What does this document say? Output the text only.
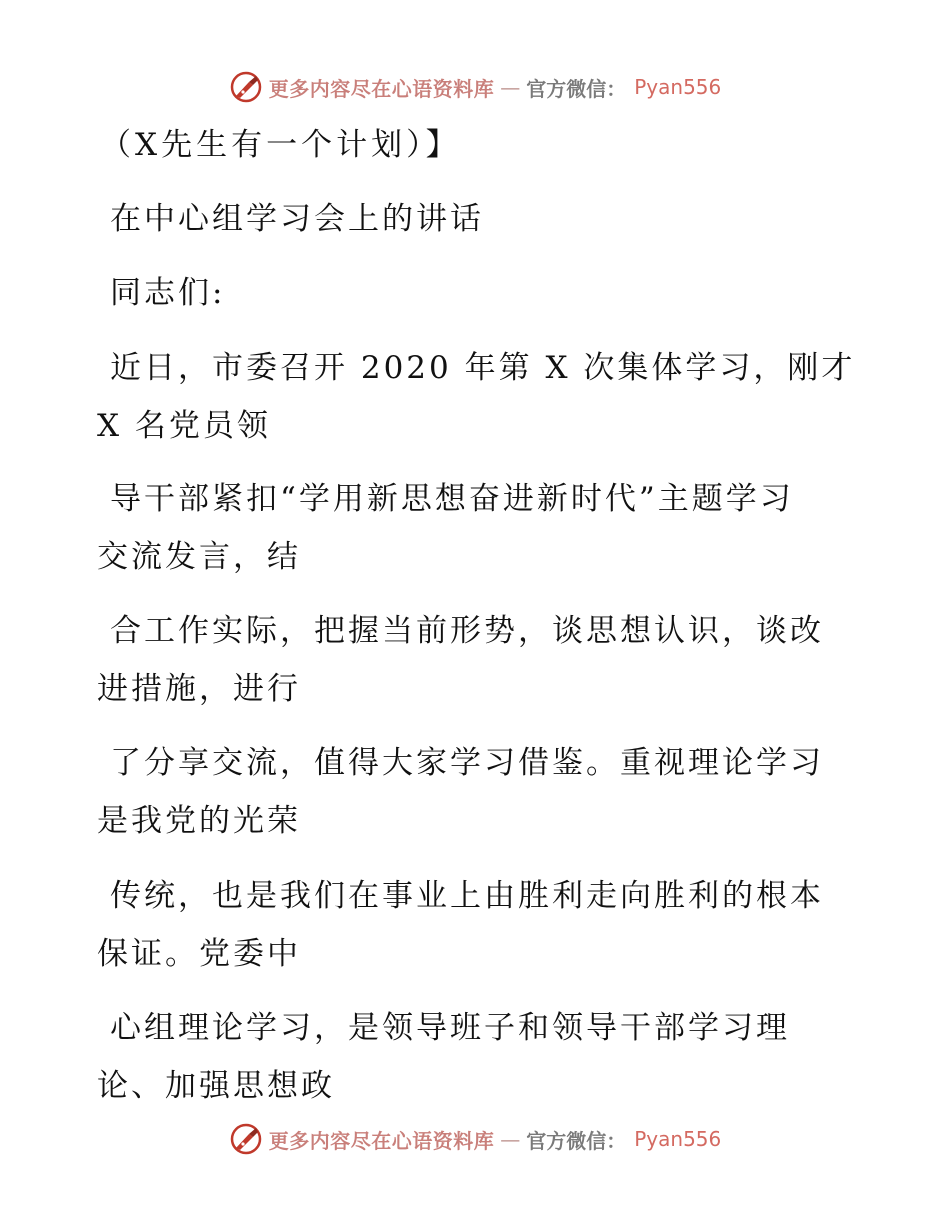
更多内容尽在心语资料库 — 官方微信： Pyan556
（X先生有一个计划）】
在中心组学习会上的讲话
同志们:
近日，市委召开 2020 年第 X 次集体学习，刚才
X 名党员领
导干部紧扣“学用新思想奋进新时代”主题学习
交流发言，结
合工作实际，把握当前形势，谈思想认识，谈改
进措施，进行
了分享交流，值得大家学习借鉴。重视理论学习
是我党的光荣
传统，也是我们在事业上由胜利走向胜利的根本
保证。党委中
心组理论学习，是领导班子和领导干部学习理
论、加强思想政
更多内容尽在心语资料库 — 官方微信： Pyan556
